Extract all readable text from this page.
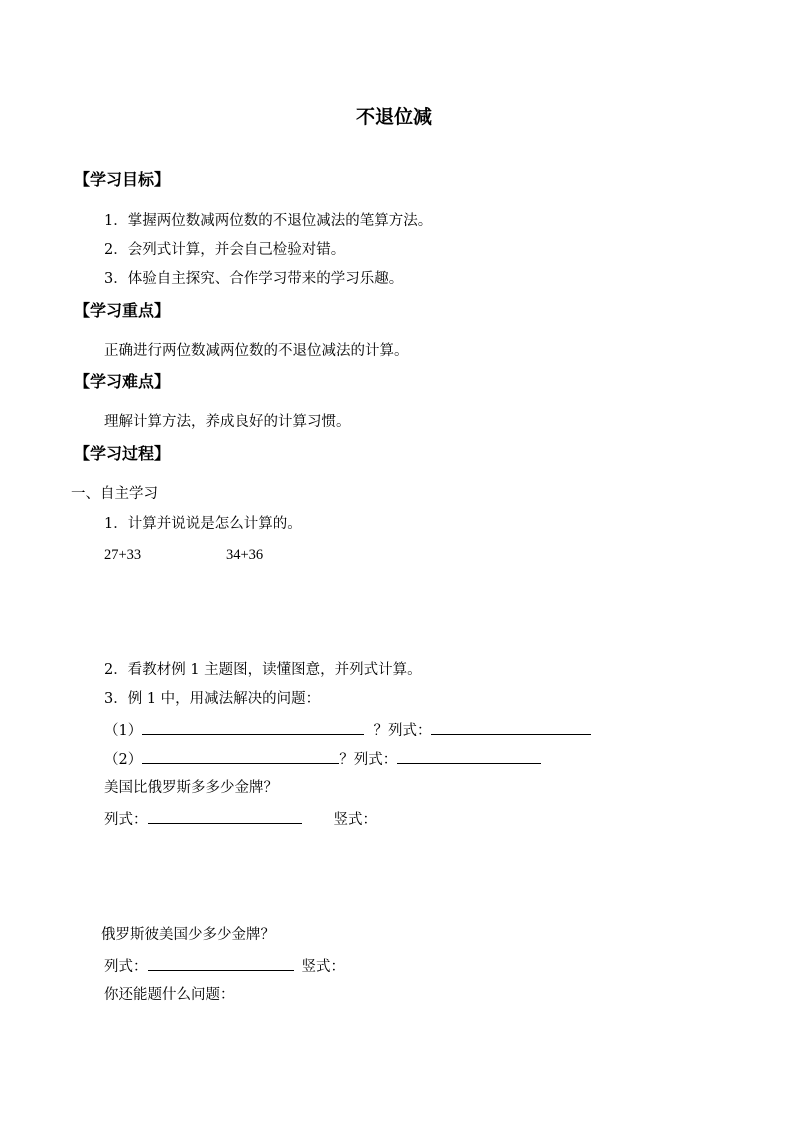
不退位减
【学习目标】
1．掌握两位数减两位数的不退位减法的笔算方法。
2．会列式计算，并会自己检验对错。
3．体验自主探究、合作学习带来的学习乐趣。
【学习重点】
正确进行两位数减两位数的不退位减法的计算。
【学习难点】
理解计算方法，养成良好的计算习惯。
【学习过程】
一、自主学习
1．计算并说说是怎么计算的。
27+33	34+36
2．看教材例 1 主题图，读懂图意，并列式计算。
3．例 1 中，用减法解决的问题：
（1）	？列式：
（2）	？列式：
美国比俄罗斯多多少金牌？
列式：	竖式：
俄罗斯彼美国少多少金牌？
列式：	竖式：
你还能题什么问题：
